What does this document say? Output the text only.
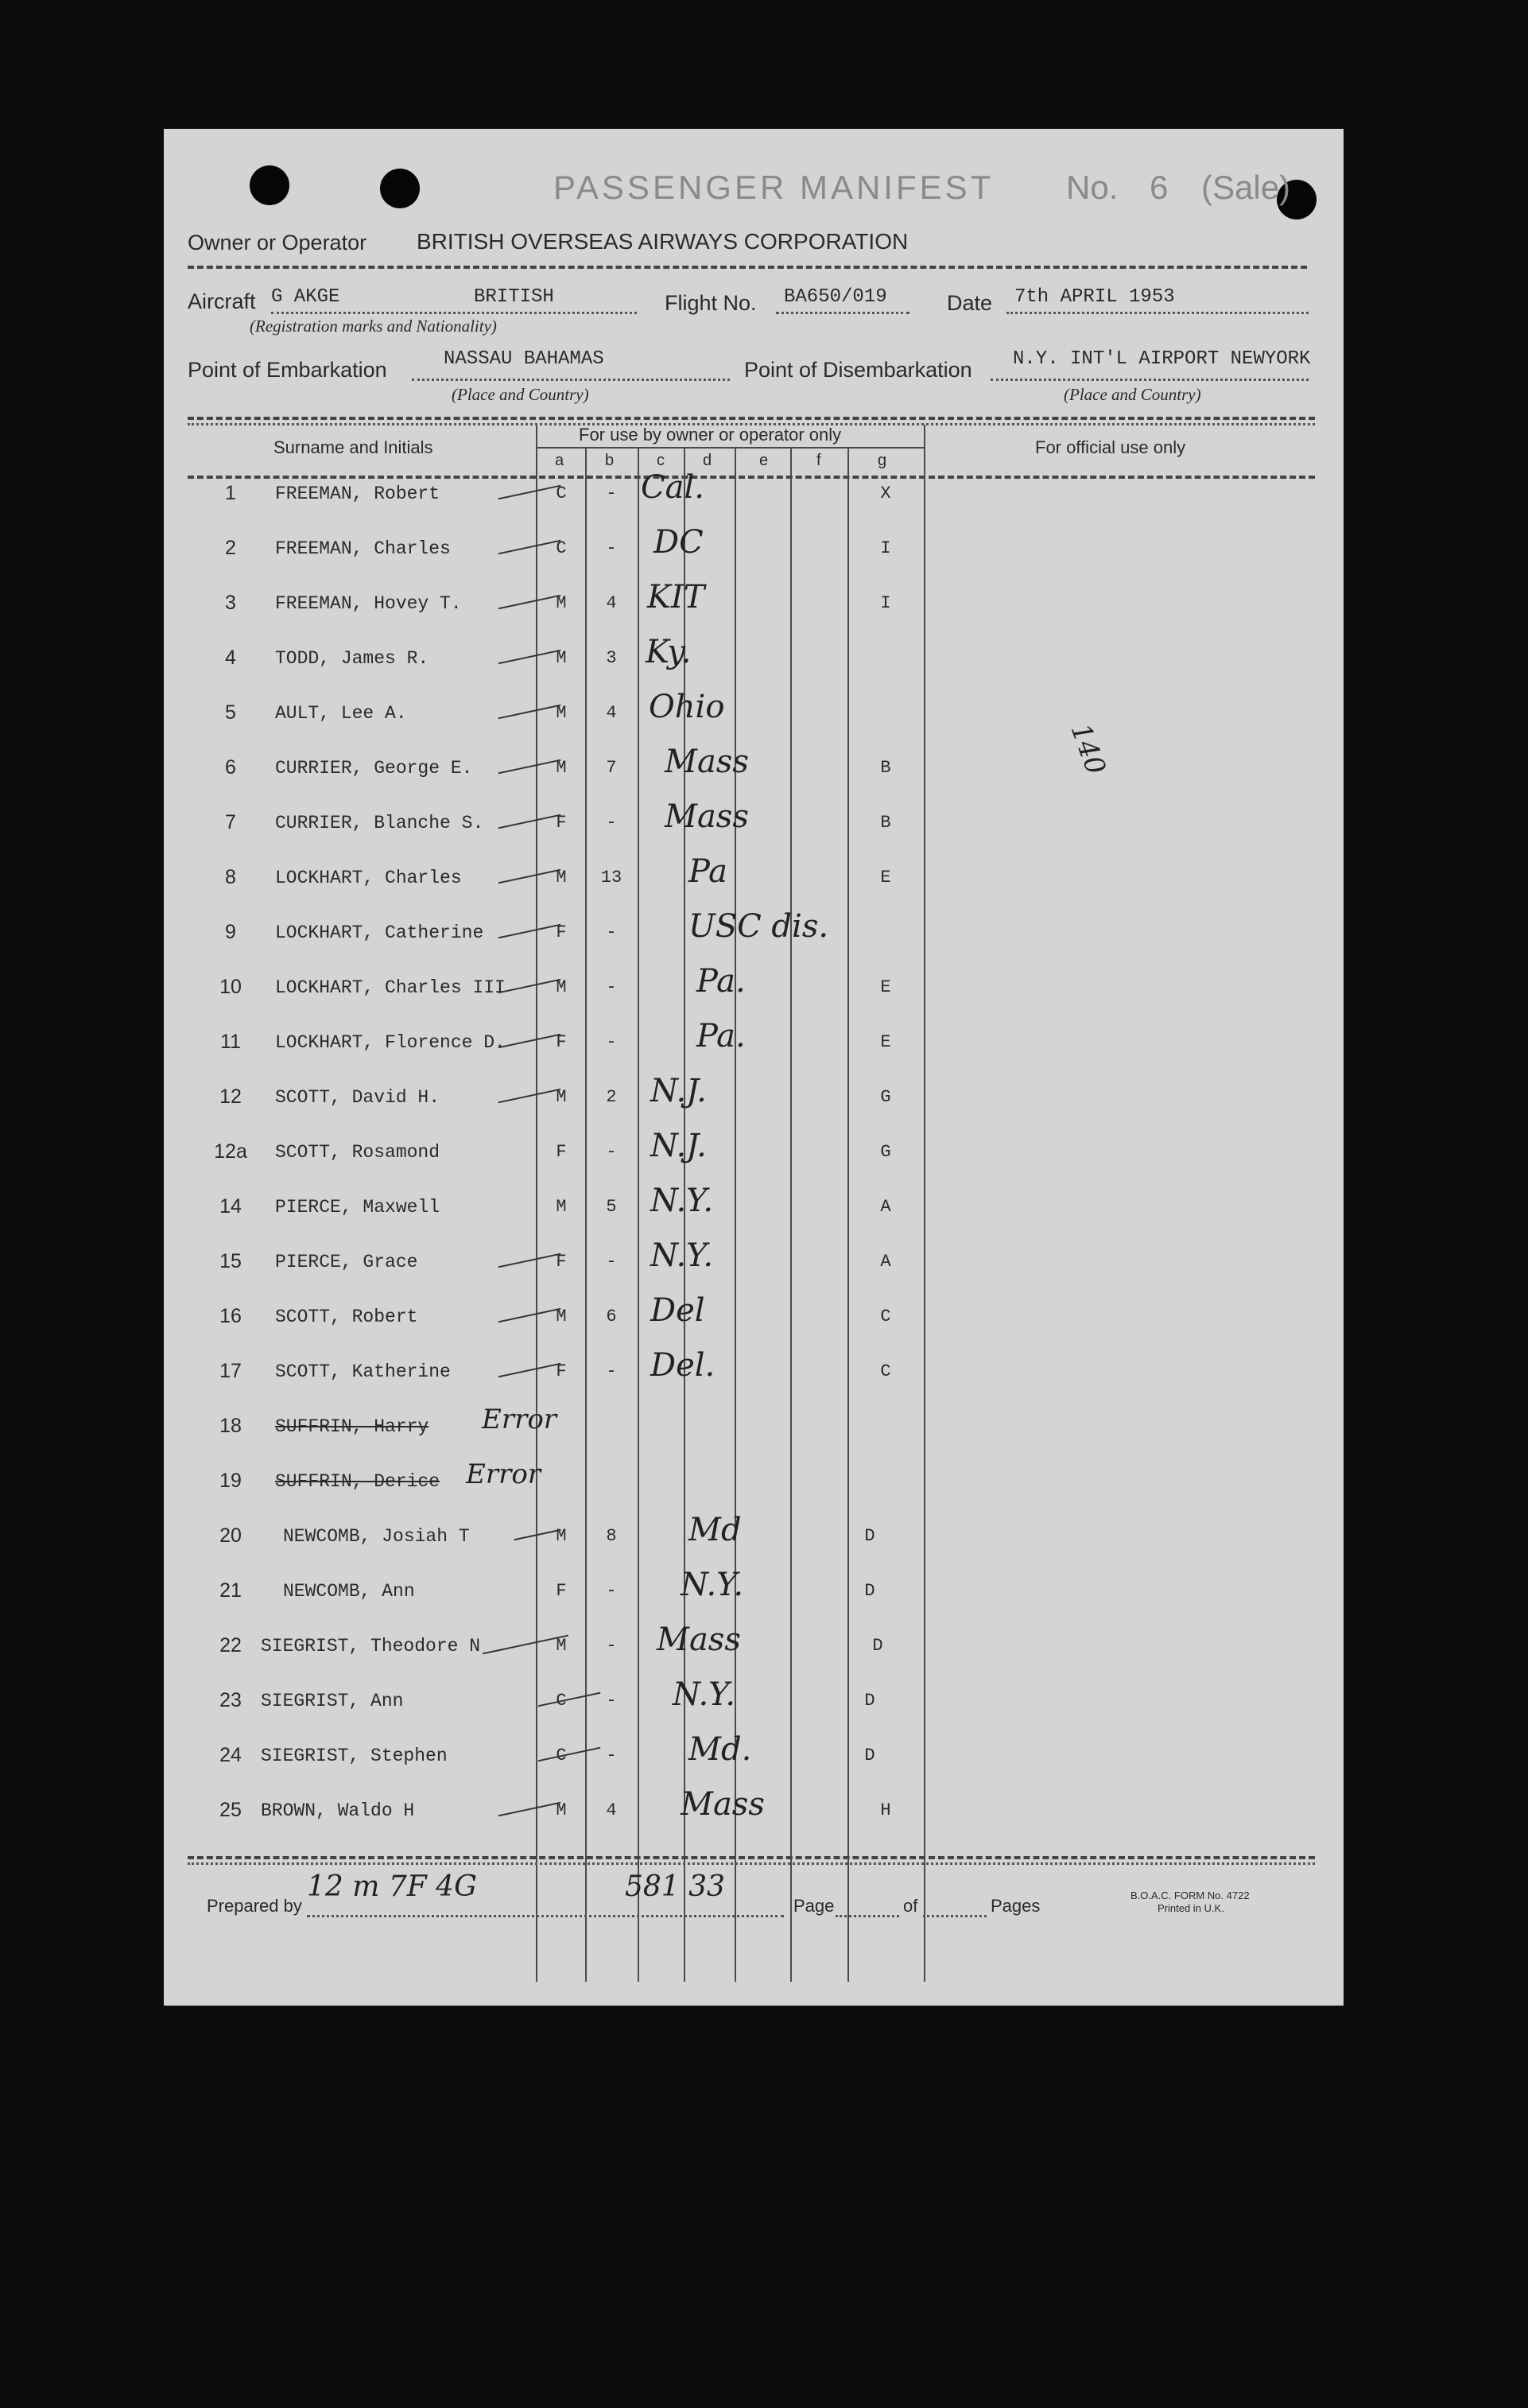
PASSENGER MANIFEST No. 6 (Sale)
Owner or Operator BRITISH OVERSEAS AIRWAYS CORPORATION
Aircraft G AKGE	BRITISH
(Registration marks and Nationality)
Flight No. BA650/019	Date 7th APRIL 1953
Point of Embarkation	NASSAU BAHAMAS
(Place and Country)
Point of Disembarkation N.Y. INT'L AIRPORT NEWYORK
(Place and Country)
Surname and Initials
For use by owner or operator only
For official use only
a	b	c d	e	f	g
1	FREEMAN, Robert	C	- Cal.	X
2	FREEMAN, Charles	C	-	DC	I
3	FREEMAN, Hovey T.	M	4 KIT	I
4	TODD, James R.	M	3 Ky.
5	AULT, Lee A.	M	4	Ohio
6	CURRIER, George E.	M	7	Mass	B
7	CURRIER, Blanche S.	F	-	Mass	B
8	LOCKHART, Charles	M	13 Pa	E
9	LOCKHART, Catherine	F	-	USC dis.
10	LOCKHART, Charles III	M	-	Pa.	E
11	LOCKHART, Florence D.	F	-	Pa.	E
12	SCOTT, David H.	M	2	N.J.	G
12a	SCOTT, Rosamond	F	-	N.J.	G
14	PIERCE, Maxwell	M	5	N.Y.	A
15	PIERCE, Grace	F	-	N.Y.	A
16	SCOTT, Robert	M	6	Del	C
17	SCOTT, Katherine	F	-	Del.	C
18	SUFFRIN, Harry Error
19	SUFFRIN, Derice Error
20	NEWCOMB, Josiah T	M	8	Md	D
21	NEWCOMB, Ann	F	-	N.Y.	D
22	SIEGRIST, Theodore N	M	-	Mass	D
23	SIEGRIST, Ann	C	-	N.Y.	D
24	SIEGRIST, Stephen	C	-	Md.	D
25	BROWN, Waldo H	M	4	Mass	H
140
Prepared by
12 m 7F 4G	581 33
Page	of	Pages
B.O.A.C. FORM No. 4722
Printed in U.K.
